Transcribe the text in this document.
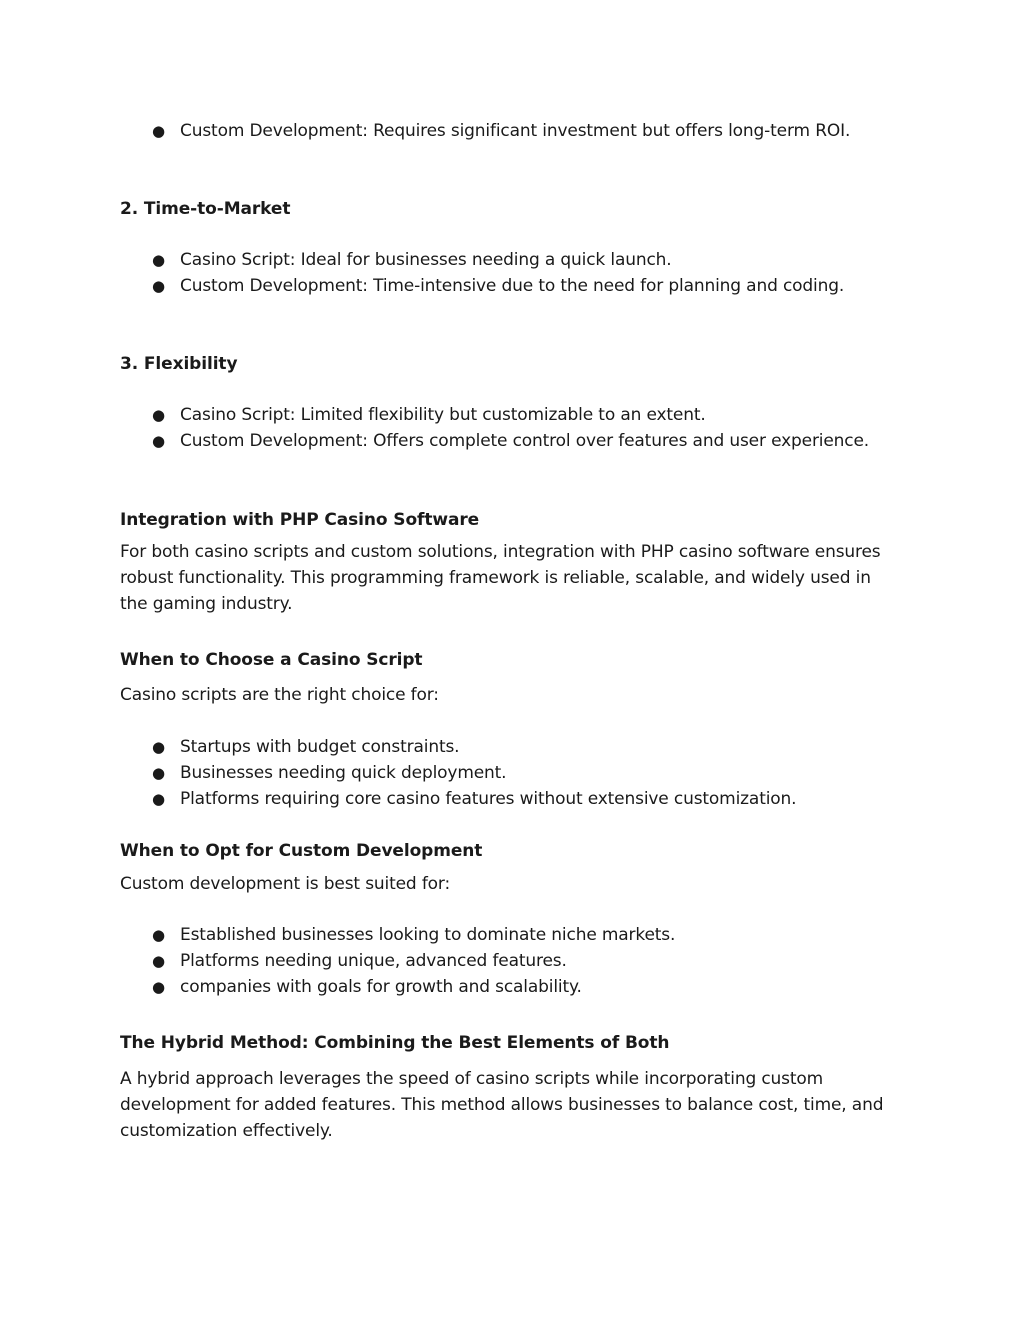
● Custom Development: Requires significant investment but offers long-term ROI.
2. Time-to-Market
● Casino Script: Ideal for businesses needing a quick launch.
● Custom Development: Time-intensive due to the need for planning and coding.
3. Flexibility
● Casino Script: Limited flexibility but customizable to an extent.
● Custom Development: Offers complete control over features and user experience.
Integration with PHP Casino Software
For both casino scripts and custom solutions, integration with PHP casino software ensures robust functionality. This programming framework is reliable, scalable, and widely used in the gaming industry.
When to Choose a Casino Script
Casino scripts are the right choice for:
● Startups with budget constraints.
● Businesses needing quick deployment.
● Platforms requiring core casino features without extensive customization.
When to Opt for Custom Development
Custom development is best suited for:
● Established businesses looking to dominate niche markets.
● Platforms needing unique, advanced features.
● companies with goals for growth and scalability.
The Hybrid Method: Combining the Best Elements of Both
A hybrid approach leverages the speed of casino scripts while incorporating custom development for added features. This method allows businesses to balance cost, time, and customization effectively.
